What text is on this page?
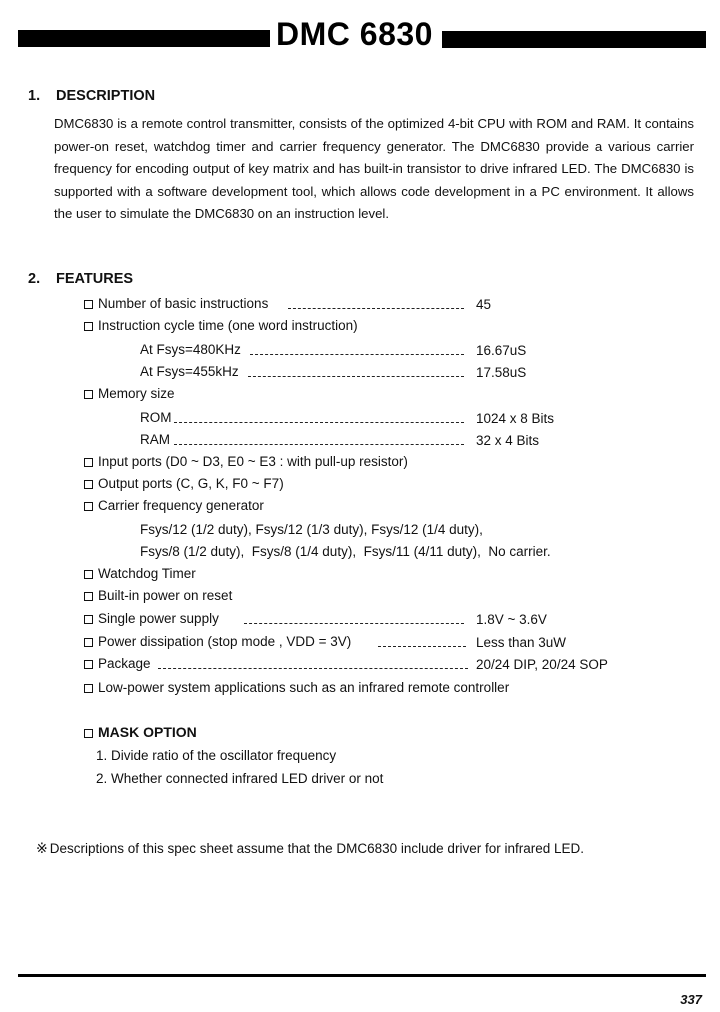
DMC 6830
1. DESCRIPTION
DMC6830 is a remote control transmitter, consists of the optimized 4-bit CPU with ROM and RAM. It contains power-on reset, watchdog timer and carrier frequency generator. The DMC6830 provide a various carrier frequency for encoding output of key matrix and has built-in transistor to drive infrared LED. The DMC6830 is supported with a software development tool, which allows code development in a PC environment. It allows the user to simulate the DMC6830 on an instruction level.
2. FEATURES
Number of basic instructions	45
Instruction cycle time (one word instruction)
At Fsys=480KHz	16.67uS
At Fsys=455kHz	17.58uS
Memory size
ROM	1024 x 8 Bits
RAM	32 x 4 Bits
Input ports (D0 ~ D3, E0 ~ E3 : with pull-up resistor)
Output ports (C, G, K, F0 ~ F7)
Carrier frequency generator
Fsys/12 (1/2 duty), Fsys/12 (1/3 duty), Fsys/12 (1/4 duty),
Fsys/8 (1/2 duty),  Fsys/8 (1/4 duty),  Fsys/11 (4/11 duty),  No carrier.
Watchdog Timer
Built-in power on reset
Single power supply	1.8V ~ 3.6V
Power dissipation (stop mode , VDD = 3V)	Less than 3uW
Package	20/24 DIP, 20/24 SOP
Low-power system applications such as an infrared remote controller
MASK OPTION
1. Divide ratio of the oscillator frequency
2. Whether connected infrared LED driver or not
※ Descriptions of this spec sheet assume that the DMC6830 include driver for infrared LED.
337
